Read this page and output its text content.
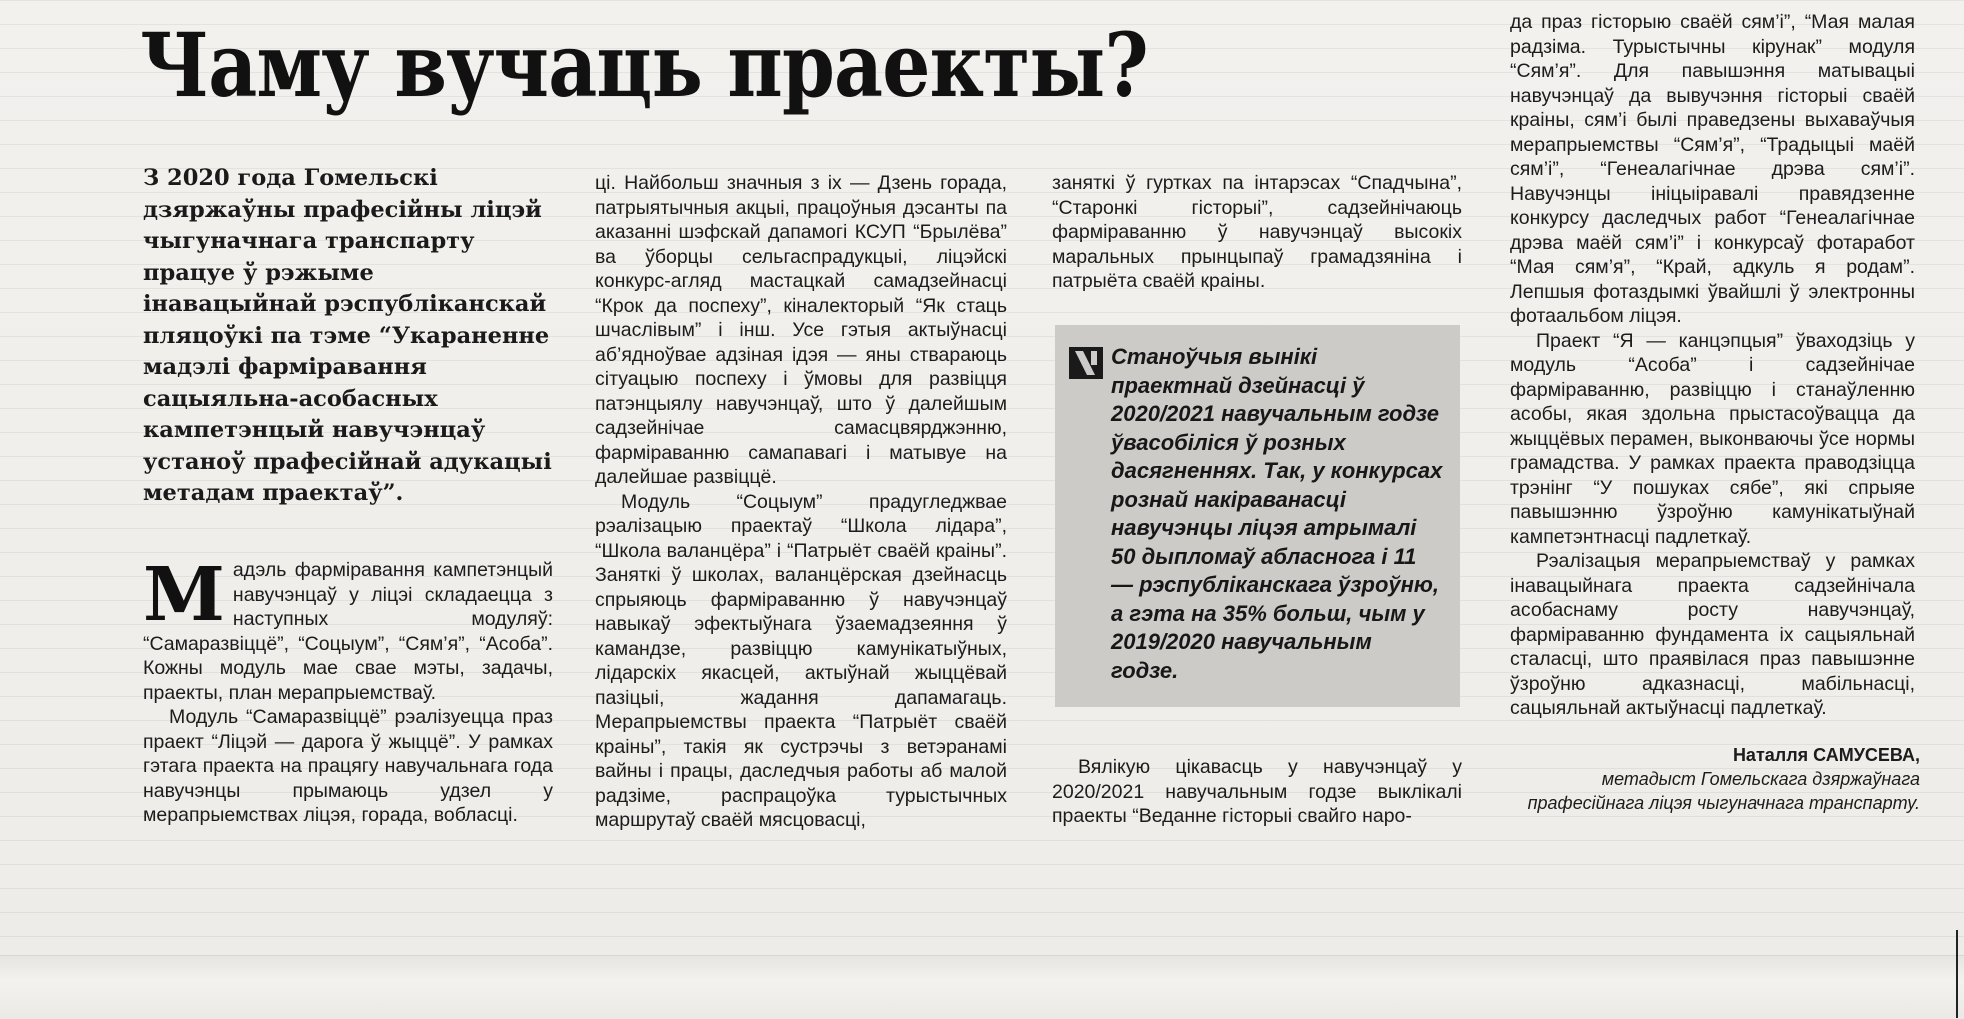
Чаму вучаць праекты?

З 2020 года Гомельскі дзяржаўны прафесійны ліцэй чыгуначнага транспарту працуе ў рэжыме інавацыйнай рэспубліканскай пляцоўкі па тэме “Укараненне мадэлі фарміравання сацыяльна-асобасных кампетэнцый навучэнцаў устаноў прафесійнай адукацыі метадам праектаў”.

Мадэль фарміравання кампетэнцый навучэнцаў у ліцэі складаецца з наступных модуляў: “Самаразвіццё”, “Соцыум”, “Сям’я”, “Асоба”. Кожны модуль мае свае мэты, задачы, праекты, план мерапрыемстваў.

Модуль “Самаразвіццё” рэалізуецца праз праект “Ліцэй — дарога ў жыццё”. У рамках гэтага праекта на працягу навучальнага года навучэнцы прымаюць удзел у мерапрыемствах ліцэя, горада, вобласці.

ці. Найбольш значныя з іх — Дзень горада, патрыятычныя акцыі, працоўныя дэсанты па аказанні шэфскай дапамогі КСУП “Брылёва” ва ўборцы сельгаспрадукцыі, ліцэйскі конкурс-агляд мастацкай самадзейнасці “Крок да поспеху”, кіналекторый “Як стаць шчаслівым” і інш. Усе гэтыя актыўнасці аб’ядноўвае адзіная ідэя — яны ствараюць сітуацыю поспеху і ўмовы для развіцця патэнцыялу навучэнцаў, што ў далейшым садзейнічае самасцвярджэнню, фарміраванню самапавагі і матывуе на далейшае развіццё.

Модуль “Соцыум” прадугледжвае рэалізацыю праектаў “Школа лідара”, “Школа валанцёра” і “Патрыёт сваёй краіны”. Заняткі ў школах, валанцёрская дзейнасць спрыяюць фарміраванню ў навучэнцаў навыкаў эфектыўнага ўзаемадзеяння ў камандзе, развіццю камунікатыўных, лідарскіх якасцей, актыўнай жыццёвай пазіцыі, жадання дапамагаць. Мерапрыемствы праекта “Патрыёт сваёй краіны”, такія як сустрэчы з ветэранамі вайны і працы, даследчыя работы аб малой радзіме, распрацоўка турыстычных маршрутаў сваёй мясцовасці,

заняткі ў гуртках па інтарэсах “Спадчына”, “Старонкі гісторыі”, садзейнічаюць фарміраванню ў навучэнцаў высокіх маральных прынцыпаў грамадзяніна і патрыёта сваёй краіны.

Станоўчыя вынікі праектнай дзейнасці ў 2020/2021 навучальным годзе ўвасобіліся ў розных дасягненнях. Так, у конкурсах рознай накіраванасці навучэнцы ліцэя атрымалі 50 дыпломаў абласнога і 11 — рэспубліканскага ўзроўню, а гэта на 35% больш, чым у 2019/2020 навучальным годзе.

Вялікую цікавасць у навучэнцаў у 2020/2021 навучальным годзе выклікалі праекты “Веданне гісторыі свайго наро-

да праз гісторыю сваёй сям’і”, “Мая малая радзіма. Турыстычны кірунак” модуля “Сям’я”. Для павышэння матывацыі навучэнцаў да вывучэння гісторыі сваёй краіны, сям’і былі праведзены выхаваўчыя мерапрыемствы “Сям’я”, “Традыцыі маёй сям’і”, “Генеалагічнае дрэва сям’і”. Навучэнцы ініцыіравалі правядзенне конкурсу даследчых работ “Генеалагічнае дрэва маёй сям’і” і конкурсаў фотаработ “Мая сям’я”, “Край, адкуль я родам”. Лепшыя фотаздымкі ўвайшлі ў электронны фотаальбом ліцэя.

Праект “Я — канцэпцыя” ўваходзіць у модуль “Асоба” і садзейнічае фарміраванню, развіццю і станаўленню асобы, якая здольна прыстасоўвацца да жыццёвых перамен, выконваючы ўсе нормы грамадства. У рамках праекта праводзіцца трэнінг “У пошуках сябе”, які спрыяе павышэнню ўзроўню камунікатыўнай кампетэнтнасці падлеткаў.

Рэалізацыя мерапрыемстваў у рамках інавацыйнага праекта садзейнічала асобаснаму росту навучэнцаў, фарміраванню фундамента іх сацыяльнай сталасці, што праявілася праз павышэнне ўзроўню адказнасці, мабільнасці, сацыяльнай актыўнасці падлеткаў.

Наталля САМУСЕВА,
метадыст Гомельскага дзяржаўнага
прафесійнага ліцэя чыгуначнага транспарту.
